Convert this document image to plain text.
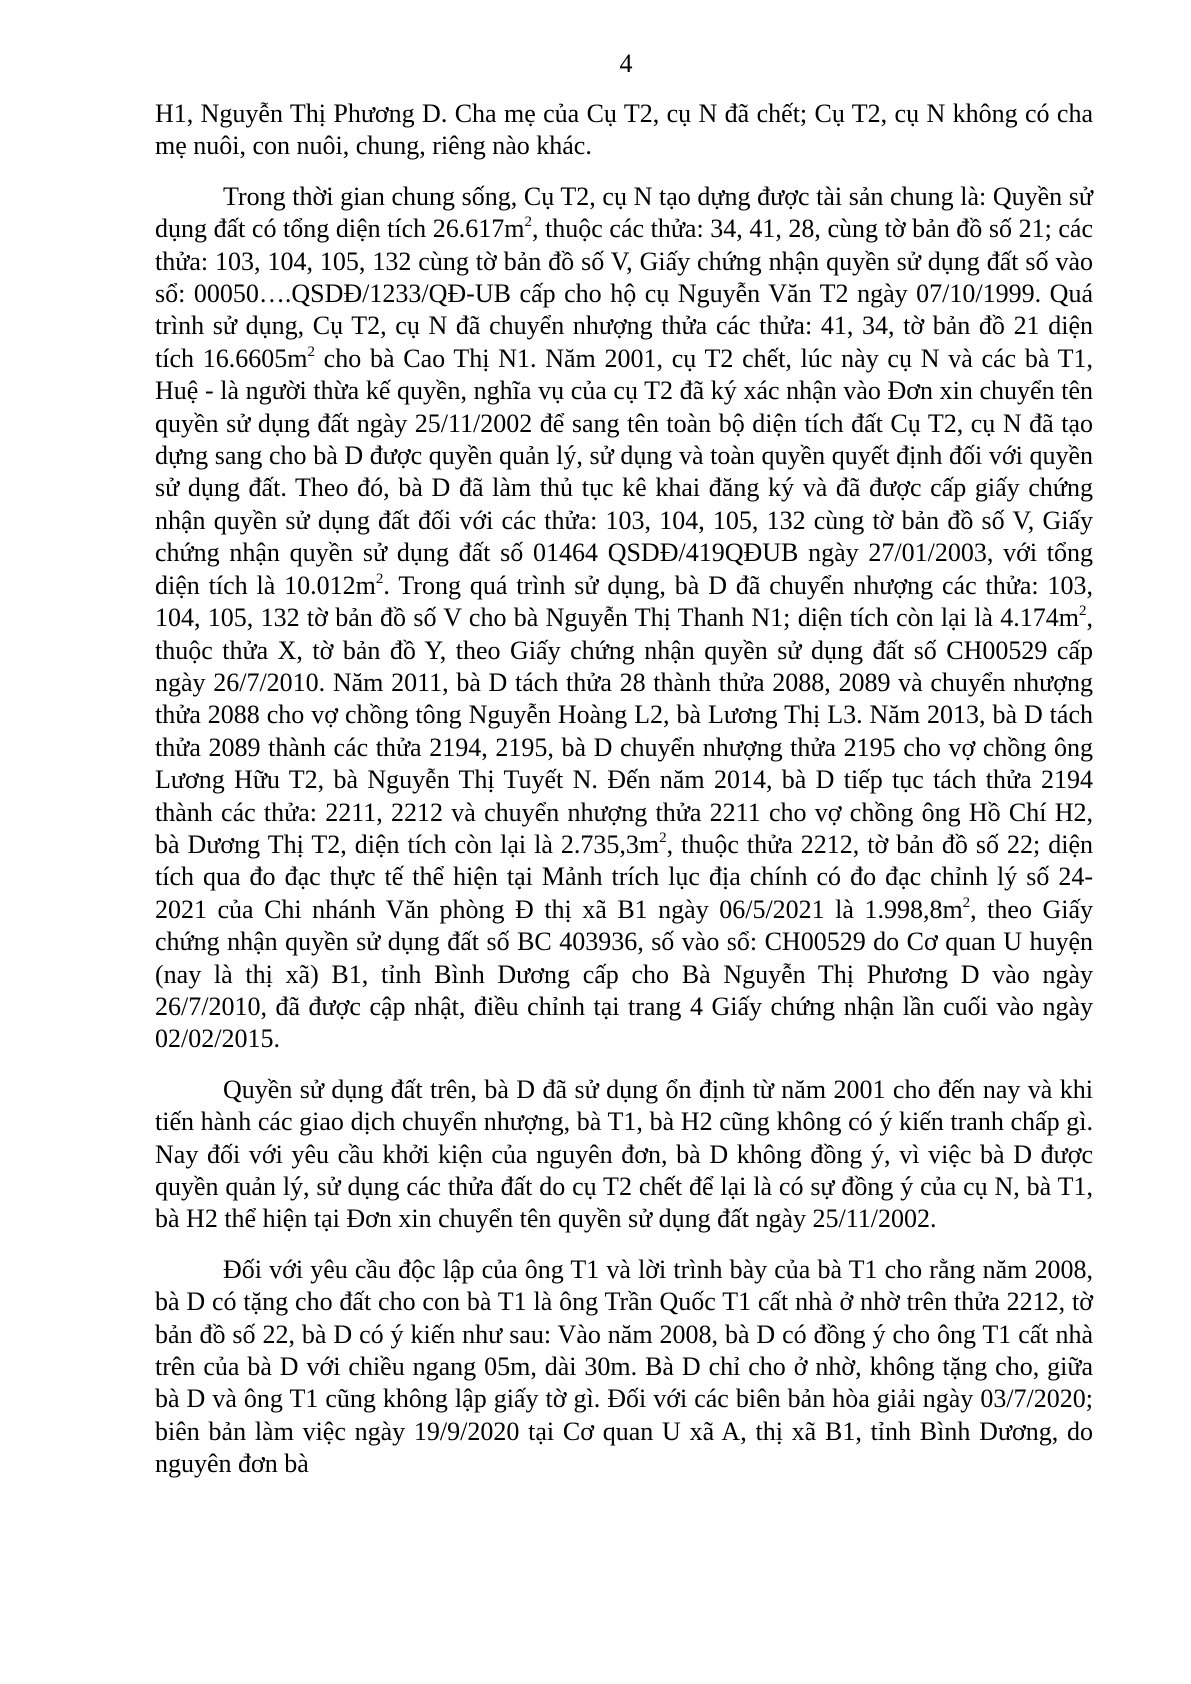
4

H1, Nguyễn Thị Phương D. Cha mẹ của Cụ T2, cụ N đã chết; Cụ T2, cụ N không có cha mẹ nuôi, con nuôi, chung, riêng nào khác.

Trong thời gian chung sống, Cụ T2, cụ N tạo dựng được tài sản chung là: Quyền sử dụng đất có tổng diện tích $26.617m^2$, thuộc các thửa: 34, 41, 28, cùng tờ bản đồ số 21; các thửa: 103, 104, 105, 132 cùng tờ bản đồ số V, Giấy chứng nhận quyền sử dụng đất số vào sổ: 00050….QSDĐ/1233/QĐ-UB cấp cho hộ cụ Nguyễn Văn T2 ngày 07/10/1999. Quá trình sử dụng, Cụ T2, cụ N đã chuyển nhượng thửa các thửa: 41, 34, tờ bản đồ 21 diện tích $16.6605m^2$ cho bà Cao Thị N1. Năm 2001, cụ T2 chết, lúc này cụ N và các bà T1, Huệ - là người thừa kế quyền, nghĩa vụ của cụ T2 đã ký xác nhận vào Đơn xin chuyển tên quyền sử dụng đất ngày 25/11/2002 để sang tên toàn bộ diện tích đất Cụ T2, cụ N đã tạo dựng sang cho bà D được quyền quản lý, sử dụng và toàn quyền quyết định đối với quyền sử dụng đất. Theo đó, bà D đã làm thủ tục kê khai đăng ký và đã được cấp giấy chứng nhận quyền sử dụng đất đối với các thửa: 103, 104, 105, 132 cùng tờ bản đồ số V, Giấy chứng nhận quyền sử dụng đất số 01464 QSDĐ/419QĐUB ngày 27/01/2003, với tổng diện tích là $10.012m^2$. Trong quá trình sử dụng, bà D đã chuyển nhượng các thửa: 103, 104, 105, 132 tờ bản đồ số V cho bà Nguyễn Thị Thanh N1; diện tích còn lại là $4.174m^2$, thuộc thửa X, tờ bản đồ Y, theo Giấy chứng nhận quyền sử dụng đất số CH00529 cấp ngày 26/7/2010. Năm 2011, bà D tách thửa 28 thành thửa 2088, 2089 và chuyển nhượng thửa 2088 cho vợ chồng tông Nguyễn Hoàng L2, bà Lương Thị L3. Năm 2013, bà D tách thửa 2089 thành các thửa 2194, 2195, bà D chuyển nhượng thửa 2195 cho vợ chồng ông Lương Hữu T2, bà Nguyễn Thị Tuyết N. Đến năm 2014, bà D tiếp tục tách thửa 2194 thành các thửa: 2211, 2212 và chuyển nhượng thửa 2211 cho vợ chồng ông Hồ Chí H2, bà Dương Thị T2, diện tích còn lại là $2.735,3m^2$, thuộc thửa 2212, tờ bản đồ số 22; diện tích qua đo đạc thực tế thể hiện tại Mảnh trích lục địa chính có đo đạc chỉnh lý số 24-2021 của Chi nhánh Văn phòng Đ thị xã B1 ngày 06/5/2021 là $1.998,8m^2$, theo Giấy chứng nhận quyền sử dụng đất số BC 403936, số vào sổ: CH00529 do Cơ quan U huyện (nay là thị xã) B1, tỉnh Bình Dương cấp cho Bà Nguyễn Thị Phương D vào ngày 26/7/2010, đã được cập nhật, điều chỉnh tại trang 4 Giấy chứng nhận lần cuối vào ngày 02/02/2015.

Quyền sử dụng đất trên, bà D đã sử dụng ổn định từ năm 2001 cho đến nay và khi tiến hành các giao dịch chuyển nhượng, bà T1, bà H2 cũng không có ý kiến tranh chấp gì. Nay đối với yêu cầu khởi kiện của nguyên đơn, bà D không đồng ý, vì việc bà D được quyền quản lý, sử dụng các thửa đất do cụ T2 chết để lại là có sự đồng ý của cụ N, bà T1, bà H2 thể hiện tại Đơn xin chuyển tên quyền sử dụng đất ngày 25/11/2002.

Đối với yêu cầu độc lập của ông T1 và lời trình bày của bà T1 cho rằng năm 2008, bà D có tặng cho đất cho con bà T1 là ông Trần Quốc T1 cất nhà ở nhờ trên thửa 2212, tờ bản đồ số 22, bà D có ý kiến như sau: Vào năm 2008, bà D có đồng ý cho ông T1 cất nhà trên của bà D với chiều ngang 05m, dài 30m. Bà D chỉ cho ở nhờ, không tặng cho, giữa bà D và ông T1 cũng không lập giấy tờ gì. Đối với các biên bản hòa giải ngày 03/7/2020; biên bản làm việc ngày 19/9/2020 tại Cơ quan U xã A, thị xã B1, tỉnh Bình Dương, do nguyên đơn bà
